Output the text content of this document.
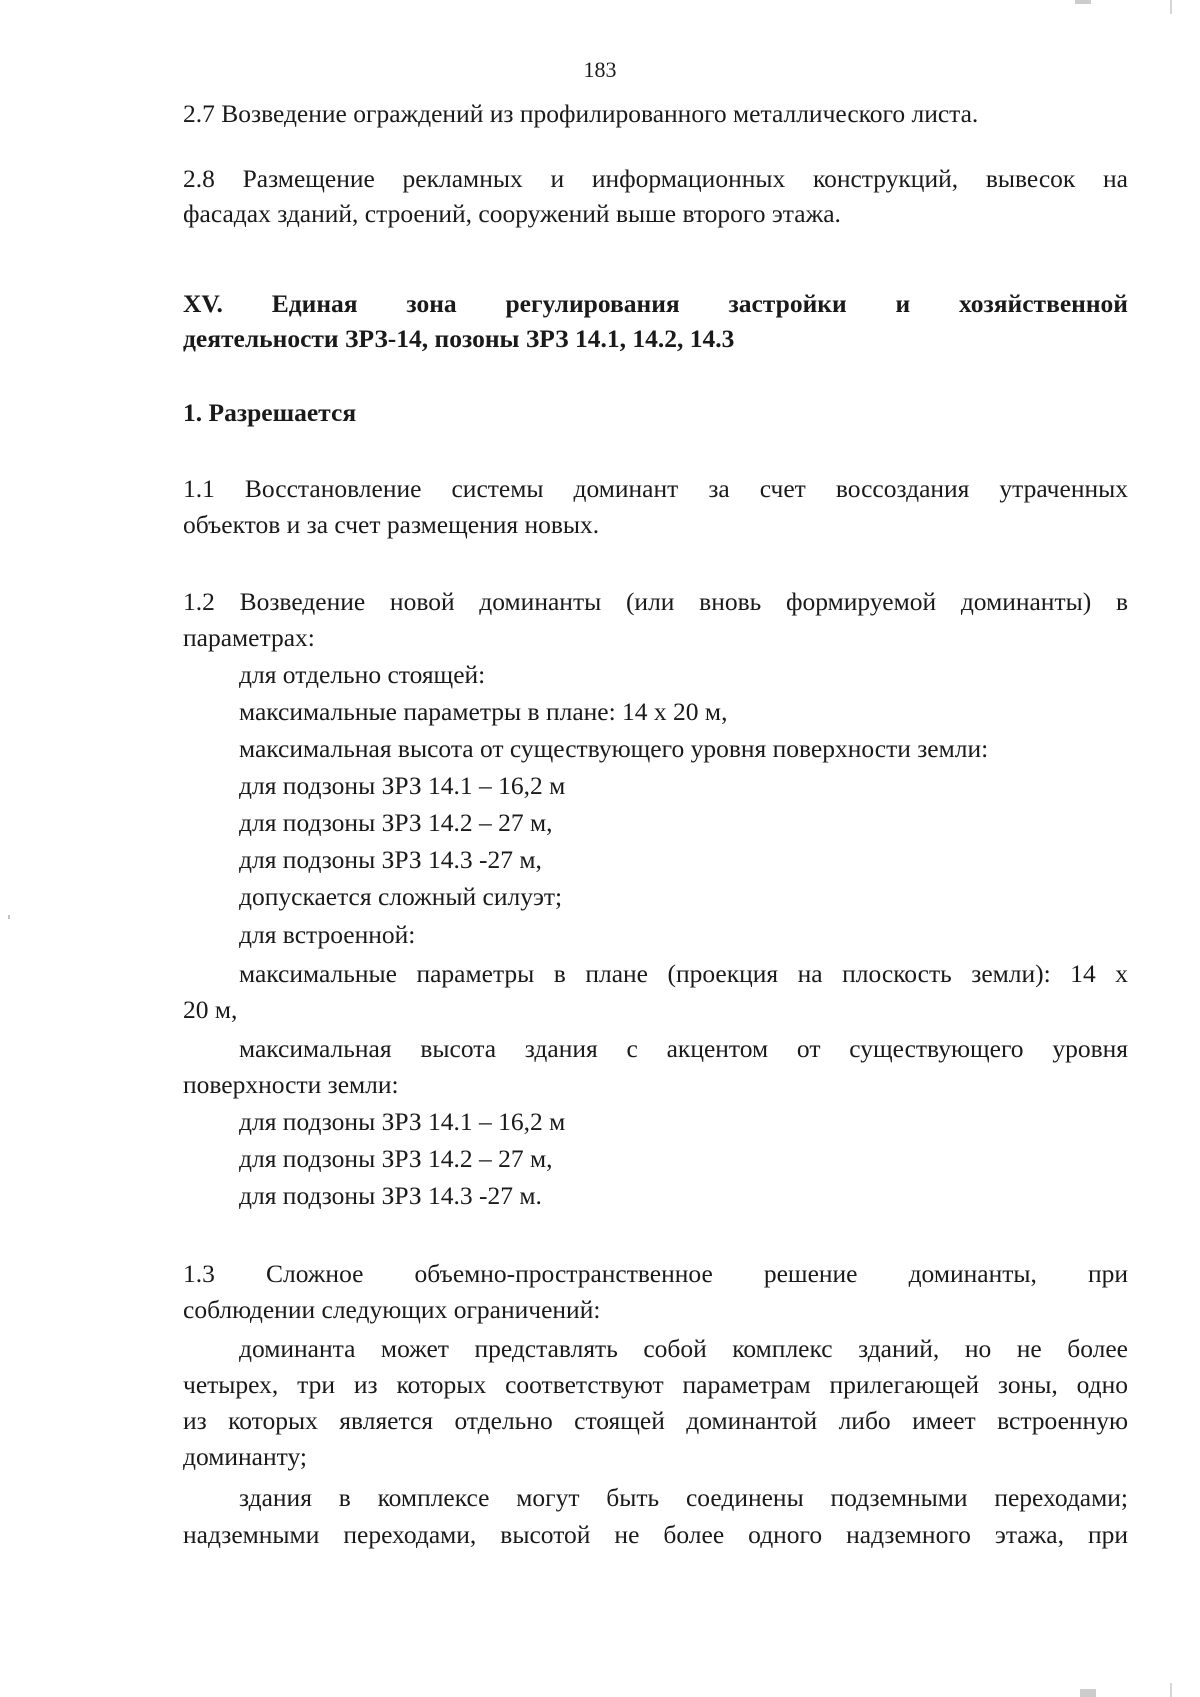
183
2.7 Возведение ограждений из профилированного металлического листа.
2.8 Размещение рекламных и информационных конструкций, вывесок на
фасадах зданий, строений, сооружений выше второго этажа.
XV. Единая зона регулирования застройки и хозяйственной
деятельности ЗРЗ-14, позоны ЗРЗ 14.1, 14.2, 14.3
1. Разрешается
1.1 Восстановление системы доминант за счет воссоздания утраченных
объектов и за счет размещения новых.
1.2 Возведение новой доминанты (или вновь формируемой доминанты) в
параметрах:
для отдельно стоящей:
максимальные параметры в плане: 14 х 20 м,
максимальная высота от существующего уровня поверхности земли:
для подзоны ЗРЗ 14.1 – 16,2 м
для подзоны ЗРЗ 14.2 – 27 м,
для подзоны ЗРЗ 14.3 -27 м,
допускается сложный силуэт;
для встроенной:
максимальные параметры в плане (проекция на плоскость земли): 14 х
20 м,
максимальная высота здания с акцентом от существующего уровня
поверхности земли:
для подзоны ЗРЗ 14.1 – 16,2 м
для подзоны ЗРЗ 14.2 – 27 м,
для подзоны ЗРЗ 14.3 -27 м.
1.3 Сложное объемно-пространственное решение доминанты, при
соблюдении следующих ограничений:
доминанта может представлять собой комплекс зданий, но не более
четырех, три из которых соответствуют параметрам прилегающей зоны, одно
из которых является отдельно стоящей доминантой либо имеет встроенную
доминанту;
здания в комплексе могут быть соединены подземными переходами;
надземными переходами, высотой не более одного надземного этажа, при
